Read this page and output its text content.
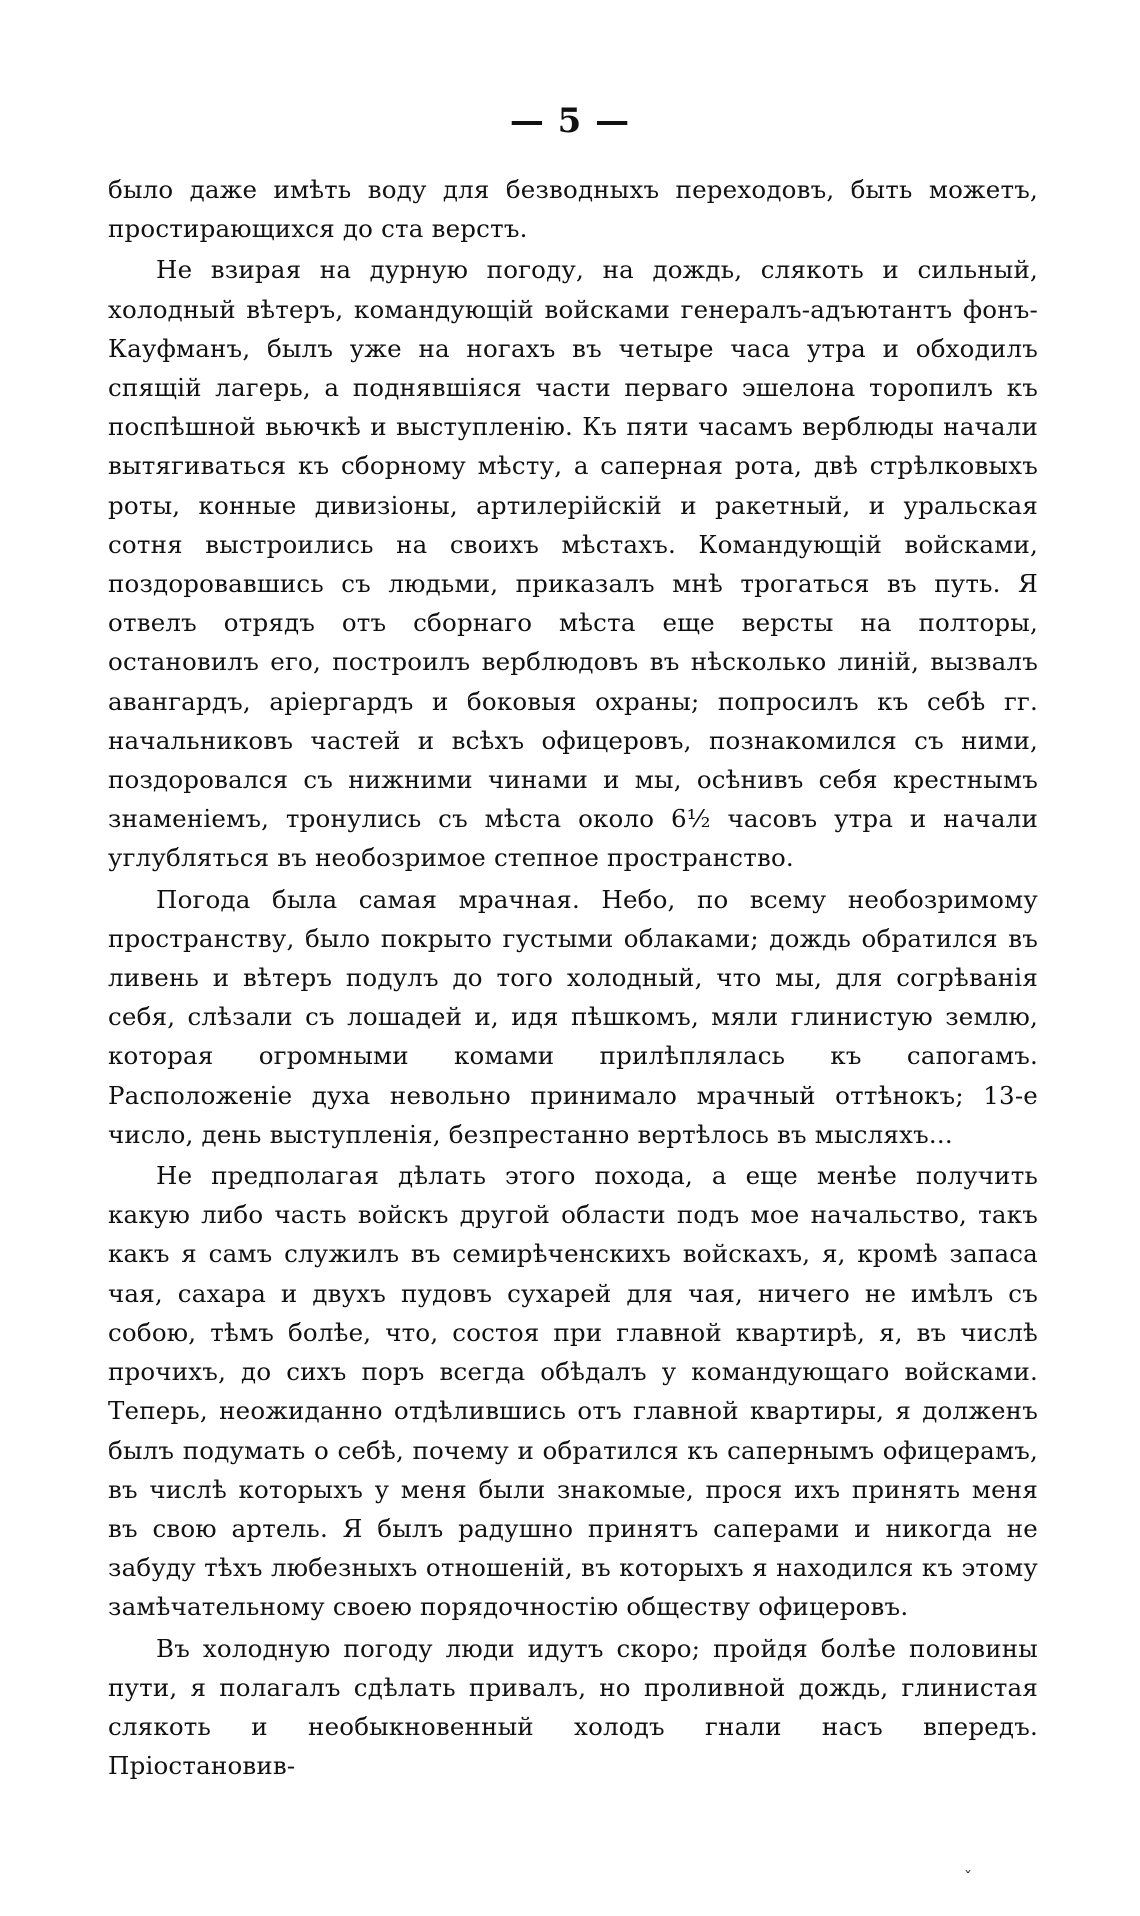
— 5 —

было даже имѣть воду для безводныхъ переходовъ, быть можетъ, простирающихся до ста верстъ.

Не взирая на дурную погоду, на дождь, слякоть и сильный, холодный вѣтеръ, командующій войсками генералъ-адъютантъ фонъ-Кауфманъ, былъ уже на ногахъ въ четыре часа утра и обходилъ спящій лагерь, а поднявшіяся части перваго эшелона торопилъ къ поспѣшной вьючкѣ и выступленію. Къ пяти часамъ верблюды начали вытягиваться къ сборному мѣсту, а саперная рота, двѣ стрѣлковыхъ роты, конные дивизіоны, артилерійскій и ракетный, и уральская сотня выстроились на своихъ мѣстахъ. Командующій войсками, поздоровавшись съ людьми, приказалъ мнѣ трогаться въ путь. Я отвелъ отрядъ отъ сборнаго мѣста еще версты на полторы, остановилъ его, построилъ верблюдовъ въ нѣсколько линій, вызвалъ авангардъ, аріергардъ и боковыя охраны; попросилъ къ себѣ гг. начальниковъ частей и всѣхъ офицеровъ, познакомился съ ними, поздоровался съ нижними чинами и мы, осѣнивъ себя крестнымъ знаменіемъ, тронулись съ мѣста около 6½ часовъ утра и начали углубляться въ необозримое степное пространство.

Погода была самая мрачная. Небо, по всему необозримому пространству, было покрыто густыми облаками; дождь обратился въ ливень и вѣтеръ подулъ до того холодный, что мы, для согрѣванія себя, слѣзали съ лошадей и, идя пѣшкомъ, мяли глинистую землю, которая огромными комами прилѣплялась къ сапогамъ. Расположеніе духа невольно принимало мрачный оттѣнокъ; 13-е число, день выступленія, безпрестанно вертѣлось въ мысляхъ...

Не предполагая дѣлать этого похода, а еще менѣе получить какую либо часть войскъ другой области подъ мое начальство, такъ какъ я самъ служилъ въ семирѣченскихъ войскахъ, я, кромѣ запаса чая, сахара и двухъ пудовъ сухарей для чая, ничего не имѣлъ съ собою, тѣмъ болѣе, что, состоя при главной квартирѣ, я, въ числѣ прочихъ, до сихъ поръ всегда обѣдалъ у командующаго войсками. Теперь, неожиданно отдѣлившись отъ главной квартиры, я долженъ былъ подумать о себѣ, почему и обратился къ сапернымъ офицерамъ, въ числѣ которыхъ у меня были знакомые, прося ихъ принять меня въ свою артель. Я былъ радушно принятъ саперами и никогда не забуду тѣхъ любезныхъ отношеній, въ которыхъ я находился къ этому замѣчательному своею порядочностію обществу офицеровъ.

Въ холодную погоду люди идутъ скоро; пройдя болѣе половины пути, я полагалъ сдѣлать привалъ, но проливной дождь, глинистая слякоть и необыкновенный холодъ гнали насъ впередъ. Пріостановив-

ˇ
